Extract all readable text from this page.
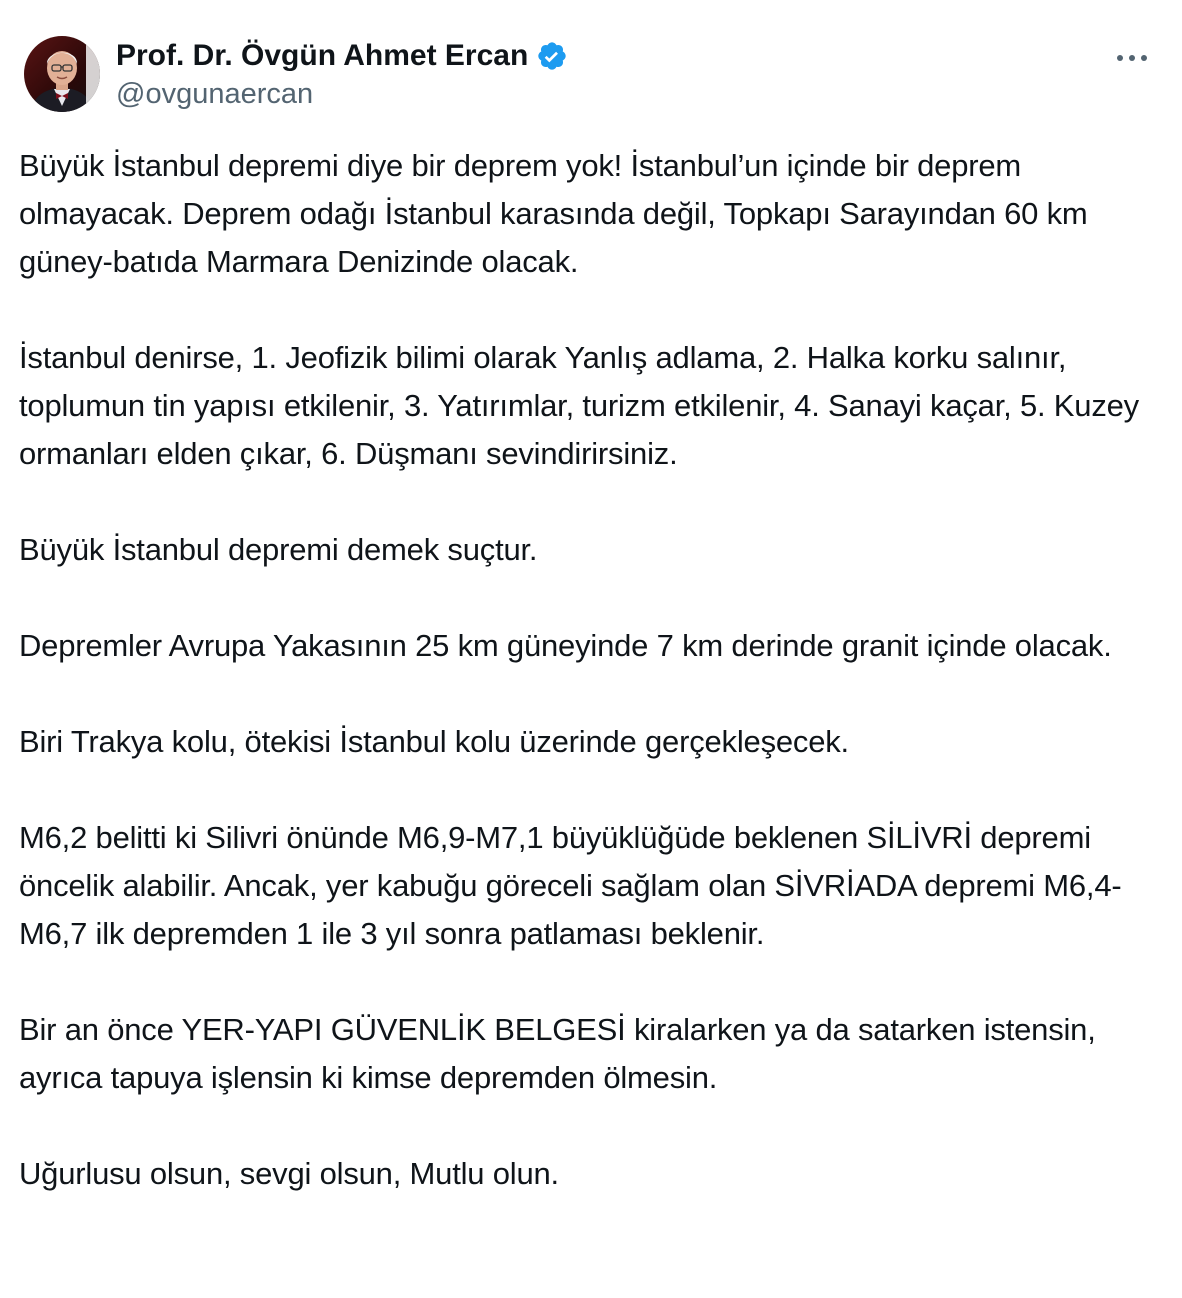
Prof. Dr. Övgün Ahmet Ercan
@ovgunaercan
Büyük İstanbul depremi diye bir deprem yok! İstanbul’un içinde bir deprem olmayacak. Deprem odağı İstanbul karasında değil, Topkapı Sarayından 60 km güney-batıda Marmara Denizinde olacak.

İstanbul denirse, 1. Jeofizik bilimi olarak Yanlış adlama, 2. Halka korku salınır, toplumun tin yapısı etkilenir, 3. Yatırımlar, turizm etkilenir, 4. Sanayi kaçar, 5. Kuzey ormanları elden çıkar, 6. Düşmanı sevindirirsiniz.

Büyük İstanbul depremi demek suçtur.

Depremler Avrupa Yakasının 25 km güneyinde 7 km derinde granit içinde olacak.

Biri Trakya kolu, ötekisi İstanbul kolu üzerinde gerçekleşecek.

M6,2 belitti ki Silivri önünde M6,9-M7,1 büyüklüğüde beklenen SİLİVRİ depremi öncelik alabilir. Ancak, yer kabuğu göreceli sağlam olan SİVRİADA depremi M6,4-M6,7 ilk depremden 1 ile 3 yıl sonra patlaması beklenir.

Bir an önce YER-YAPI GÜVENLİK BELGESİ kiralarken ya da satarken istensin, ayrıca tapuya işlensin ki kimse depremden ölmesin.

Uğurlusu olsun, sevgi olsun, Mutlu olun.
